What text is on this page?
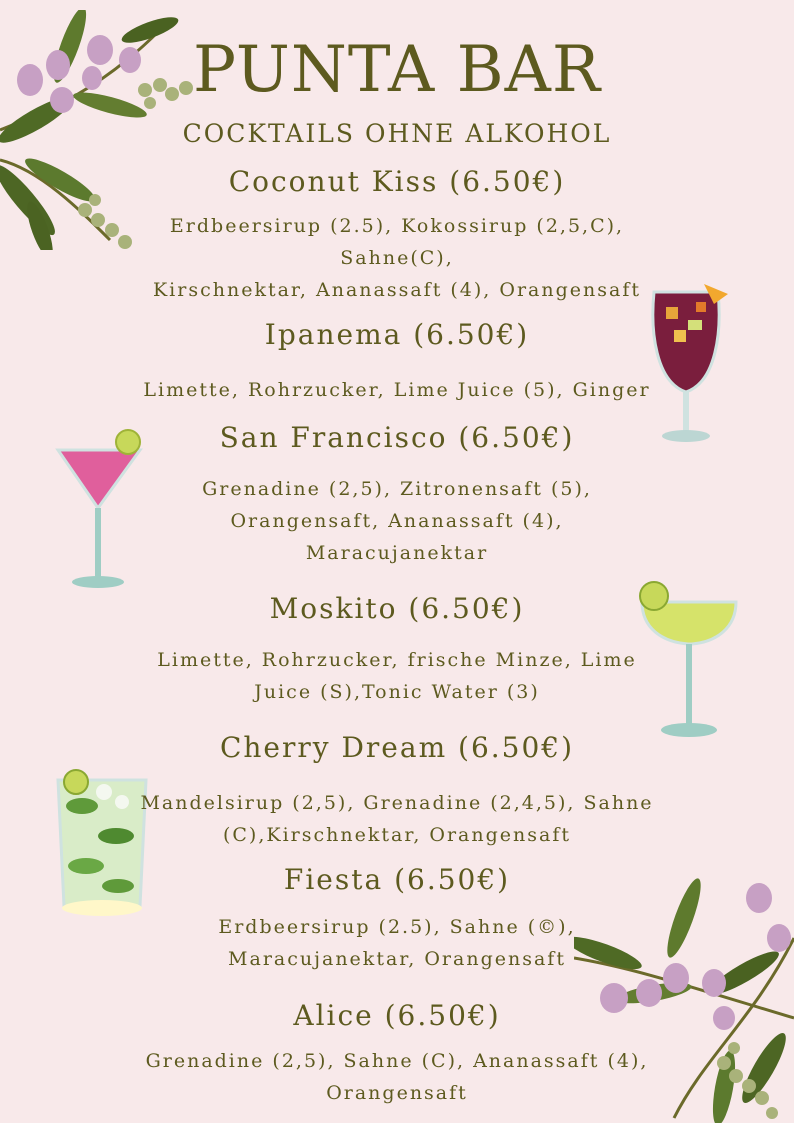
PUNTA BAR
COCKTAILS OHNE ALKOHOL
Coconut Kiss (6.50€)
Erdbeersirup (2.5), Kokossirup (2,5,C),
Sahne(C),
Kirschnektar, Ananassaft (4), Orangensaft
Ipanema (6.50€)
Limette, Rohrzucker, Lime Juice (5), Ginger
San Francisco (6.50€)
Grenadine (2,5), Zitronensaft (5),
Orangensaft, Ananassaft (4),
Maracujanektar
Moskito (6.50€)
Limette, Rohrzucker, frische Minze, Lime
Juice (S),Tonic Water (3)
Cherry Dream (6.50€)
Mandelsirup (2,5), Grenadine (2,4,5), Sahne
(C),Kirschnektar, Orangensaft
Fiesta (6.50€)
Erdbeersirup (2.5), Sahne (©),
Maracujanektar, Orangensaft
Alice (6.50€)
Grenadine (2,5), Sahne (C), Ananassaft (4),
Orangensaft
